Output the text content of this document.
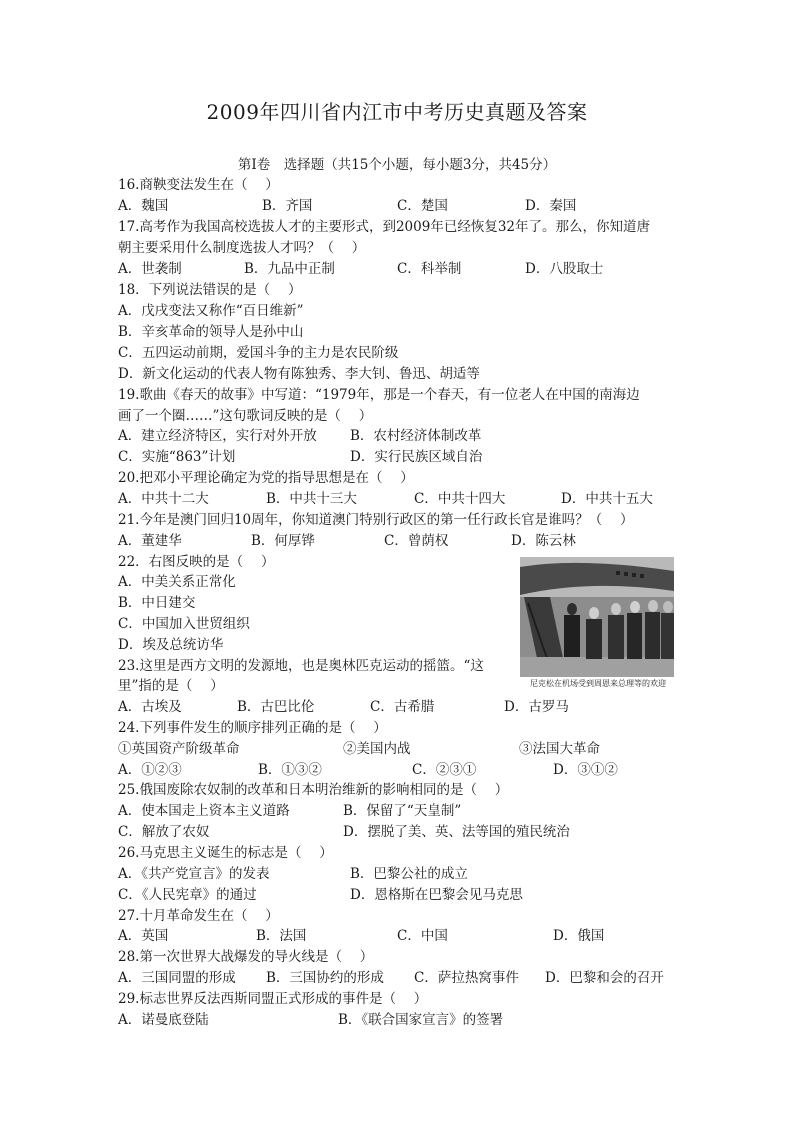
2009年四川省内江市中考历史真题及答案
第Ⅰ卷　选择题（共15个小题，每小题3分，共45分）
16.商鞅变法发生在（　 ）
A．魏国	B．齐国	C．楚国	D．秦国
17.高考作为我国高校选拔人才的主要形式，到2009年已经恢复32年了。那么，你知道唐
朝主要采用什么制度选拔人才吗？（　 ）
A．世袭制	B．九品中正制	C．科举制	D．八股取士
18．下列说法错误的是（　 ）
A．戊戌变法又称作“百日维新”
B．辛亥革命的领导人是孙中山
C．五四运动前期，爱国斗争的主力是农民阶级
D．新文化运动的代表人物有陈独秀、李大钊、鲁迅、胡适等
19.歌曲《春天的故事》中写道：“1979年，那是一个春天，有一位老人在中国的南海边
画了一个圈……”这句歌词反映的是（　 ）
A．建立经济特区，实行对外开放 B．农村经济体制改革
C．实施“863”计划	D．实行民族区域自治
20.把邓小平理论确定为党的指导思想是在（　 ）
A．中共十二大	B．中共十三大	C．中共十四大	D．中共十五大
21.今年是澳门回归10周年，你知道澳门特别行政区的第一任行政长官是谁吗？（　 ）
A．董建华	B．何厚铧	C．曾荫权	D．陈云林
22．右图反映的是（　 ）
A．中美关系正常化
B．中日建交
C．中国加入世贸组织
D．埃及总统访华
尼克松在机场受到周恩来总理等的欢迎
23.这里是西方文明的发源地，也是奥林匹克运动的摇篮。“这
里”指的是（　 ）
A．古埃及	B．古巴比伦	C．古希腊	D．古罗马
24.下列事件发生的顺序排列正确的是（　 ）
①英国资产阶级革命	②美国内战	③法国大革命
A．①②③	B．①③②	C．②③①	D．③①②
25.俄国废除农奴制的改革和日本明治维新的影响相同的是（　 ）
A．使本国走上资本主义道路	B．保留了“天皇制”
C．解放了农奴	D．摆脱了美、英、法等国的殖民统治
26.马克思主义诞生的标志是（　 ）
A．《共产党宣言》的发表	B．巴黎公社的成立
C．《人民宪章》的通过	D．恩格斯在巴黎会见马克思
27.十月革命发生在（　 ）
A．英国	B．法国	C．中国	D．俄国
28.第一次世界大战爆发的导火线是（　 ）
A．三国同盟的形成 B．三国协约的形成 C．萨拉热窝事件 D．巴黎和会的召开
29.标志世界反法西斯同盟正式形成的事件是（　 ）
A．诺曼底登陆	B．《联合国家宣言》的签署
